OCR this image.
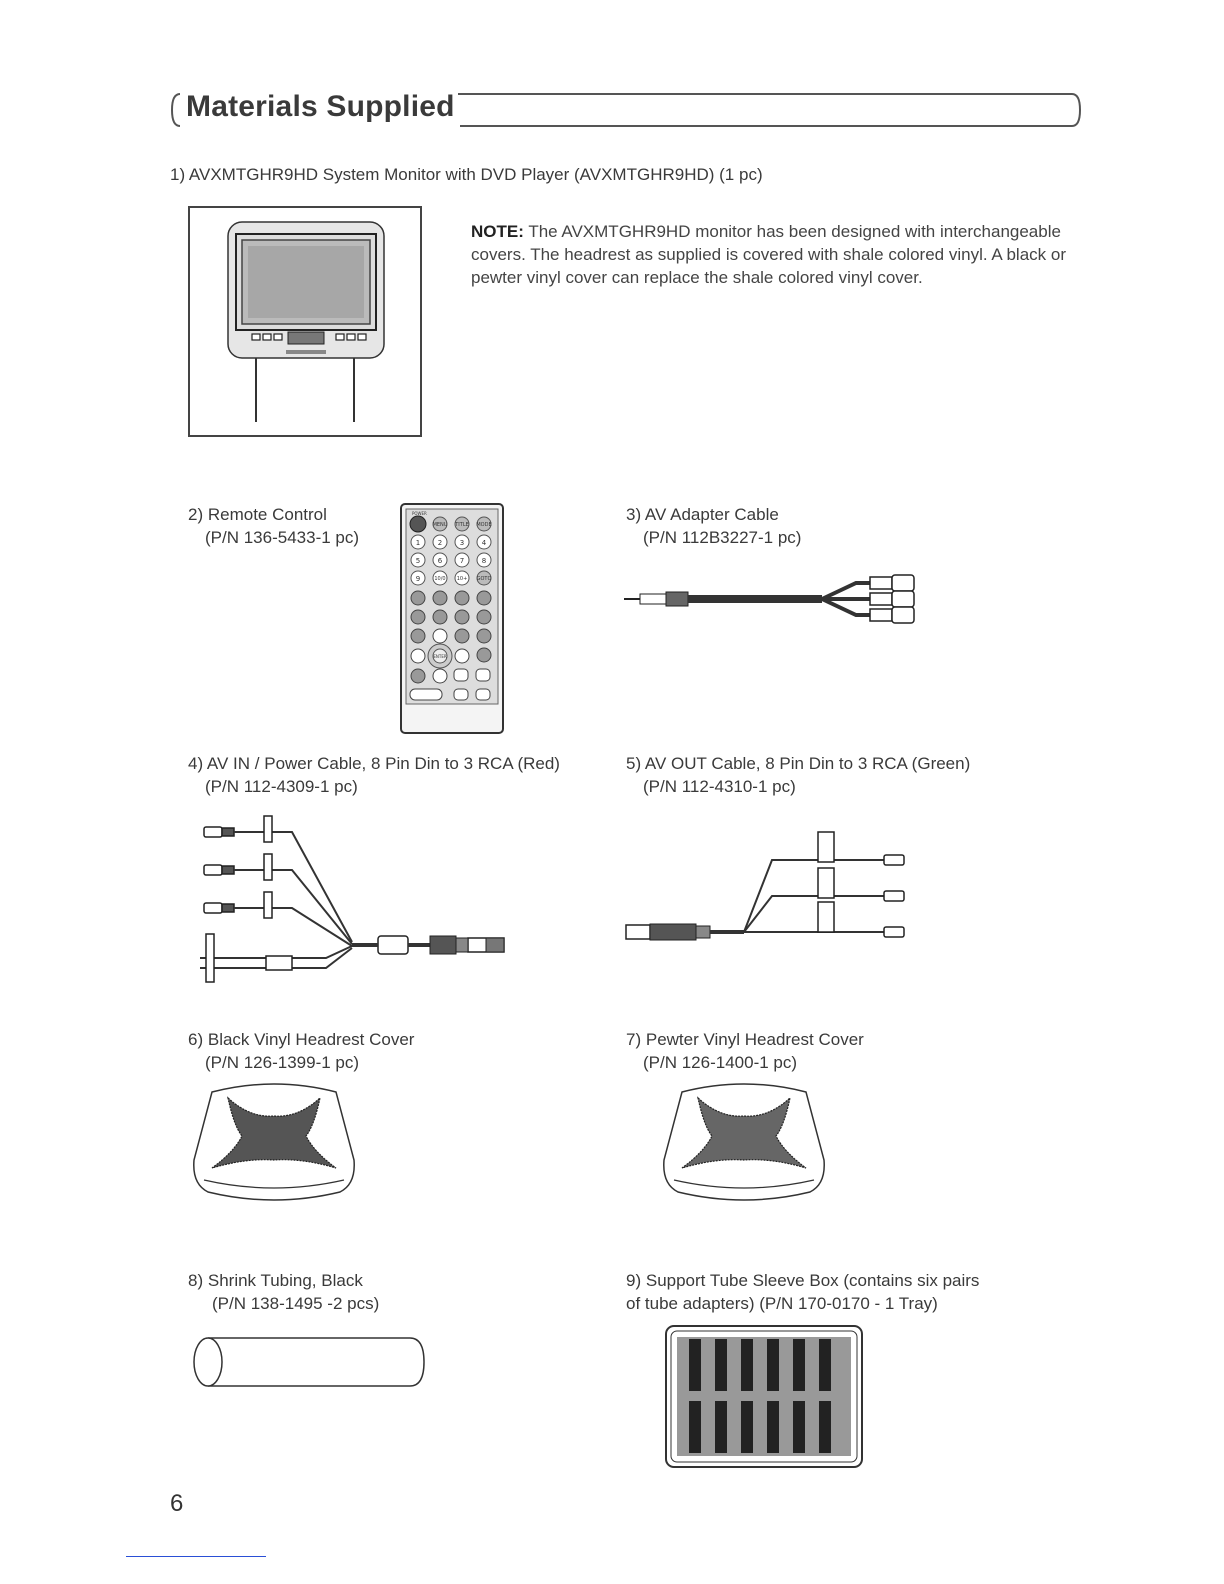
Materials Supplied
1) AVXMTGHR9HD System Monitor with DVD Player (AVXMTGHR9HD) (1 pc)
NOTE: The AVXMTGHR9HD monitor has been designed with interchangeable covers. The headrest as supplied is covered with shale colored vinyl. A black or pewter vinyl cover can replace the shale colored vinyl cover.
2) Remote Control
(P/N 136-5433-1 pc)
POWER
MENU TITLE MODE
1	2	3	4
5	6	7	8
9	10/0 10+ GOTO
ENTER
3) AV Adapter Cable
(P/N 112B3227-1 pc)
4) AV IN / Power Cable, 8 Pin Din to 3 RCA (Red)
(P/N 112-4309-1 pc)
5) AV OUT Cable, 8 Pin Din to 3 RCA (Green)
(P/N 112-4310-1 pc)
6) Black Vinyl Headrest Cover
(P/N 126-1399-1 pc)
7) Pewter Vinyl Headrest Cover
(P/N 126-1400-1 pc)
8) Shrink Tubing, Black
(P/N 138-1495 -2 pcs)
9) Support Tube Sleeve Box (contains six pairs
of tube adapters) (P/N 170-0170 - 1 Tray)
6
